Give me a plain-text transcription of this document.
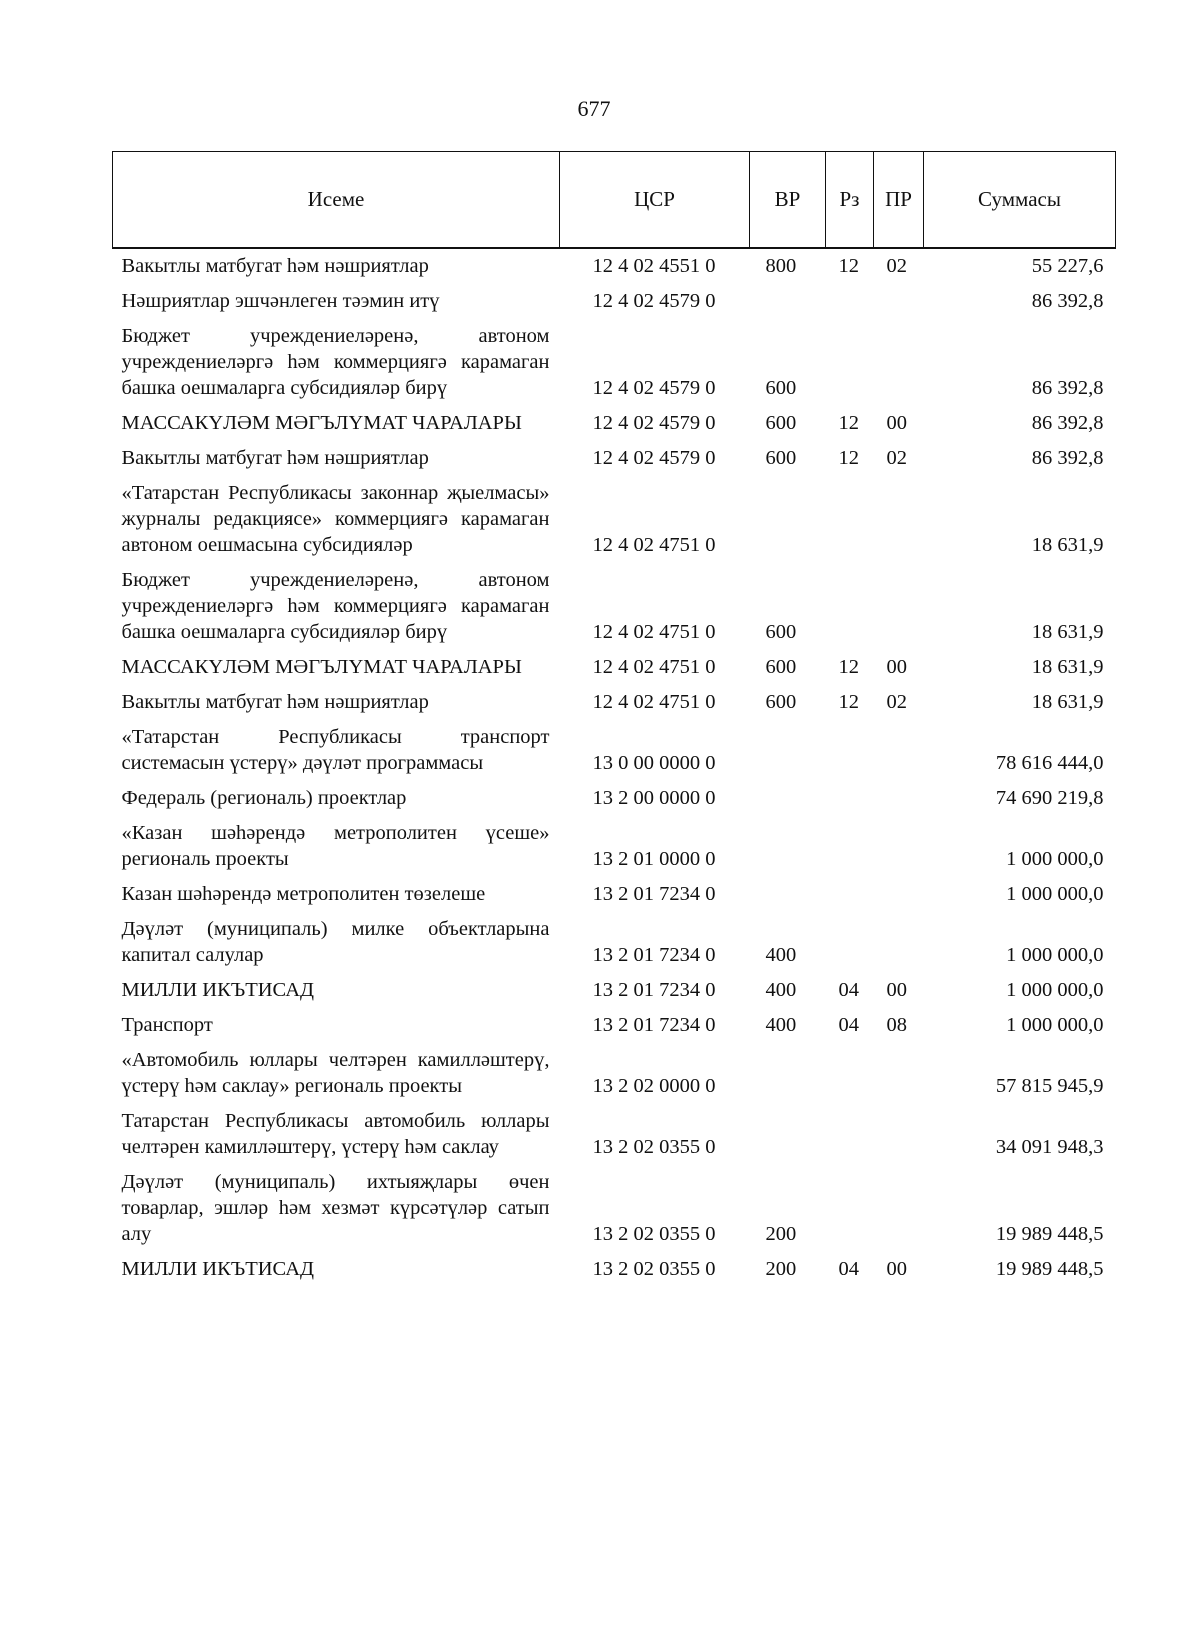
677
Исеме	ЦСР	ВР	Рз	ПР	Суммасы
Вакытлы матбугат һәм нәшриятлар	12 4 02 4551 0	800	12	02	55 227,6
Нәшриятлар эшчәнлеген тәэмин итү	12 4 02 4579 0				86 392,8
Бюджет учреждениеләренә, автоном учреждениеләргә һәм коммерциягә карамаган башка оешмаларга субсидияләр бирү	12 4 02 4579 0	600			86 392,8
МАССАКҮЛӘМ МӘГЪЛҮМАТ ЧАРАЛАРЫ	12 4 02 4579 0	600	12	00	86 392,8
Вакытлы матбугат һәм нәшриятлар	12 4 02 4579 0	600	12	02	86 392,8
«Татарстан Республикасы законнар җыелмасы» журналы редакциясе» коммерциягә карамаган автоном оешмасына субсидияләр	12 4 02 4751 0				18 631,9
Бюджет учреждениеләренә, автоном учреждениеләргә һәм коммерциягә карамаган башка оешмаларга субсидияләр бирү	12 4 02 4751 0	600			18 631,9
МАССАКҮЛӘМ МӘГЪЛҮМАТ ЧАРАЛАРЫ	12 4 02 4751 0	600	12	00	18 631,9
Вакытлы матбугат һәм нәшриятлар	12 4 02 4751 0	600	12	02	18 631,9
«Татарстан Республикасы транспорт системасын үстерү» дәүләт программасы	13 0 00 0000 0				78 616 444,0
Федераль (региональ) проектлар	13 2 00 0000 0				74 690 219,8
«Казан шәһәрендә метрополитен үсеше» региональ проекты	13 2 01 0000 0				1 000 000,0
Казан шәһәрендә метрополитен төзелеше	13 2 01 7234 0				1 000 000,0
Дәүләт (муниципаль) милке объектларына капитал салулар	13 2 01 7234 0	400			1 000 000,0
МИЛЛИ ИКЪТИСАД	13 2 01 7234 0	400	04	00	1 000 000,0
Транспорт	13 2 01 7234 0	400	04	08	1 000 000,0
«Автомобиль юллары челтәрен камилләштерү, үстерү һәм саклау» региональ проекты	13 2 02 0000 0				57 815 945,9
Татарстан Республикасы автомобиль юллары челтәрен камилләштерү, үстерү һәм саклау	13 2 02 0355 0				34 091 948,3
Дәүләт (муниципаль) ихтыяҗлары өчен товарлар, эшләр һәм хезмәт күрсәтүләр сатып алу	13 2 02 0355 0	200			19 989 448,5
МИЛЛИ ИКЪТИСАД	13 2 02 0355 0	200	04	00	19 989 448,5
